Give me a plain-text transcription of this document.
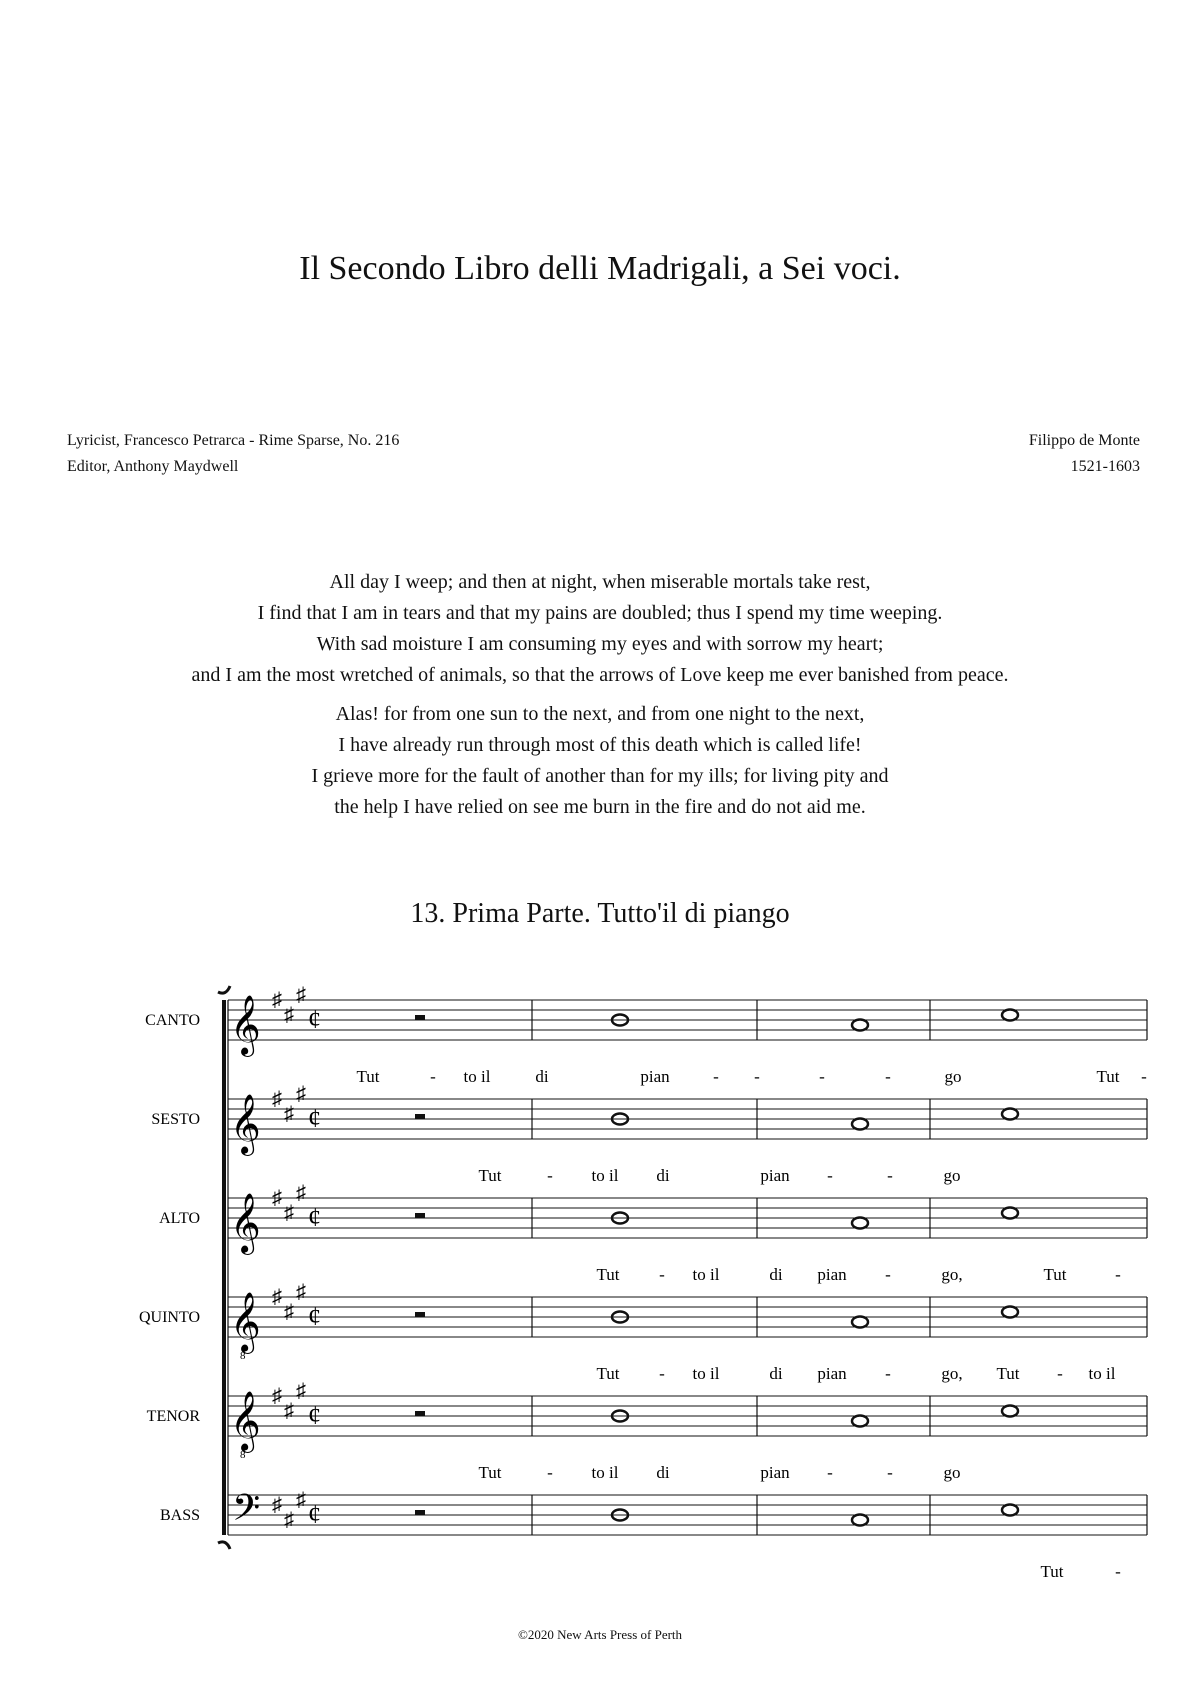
Il Secondo Libro delli Madrigali, a Sei voci.
Lyricist, Francesco Petrarca - Rime Sparse, No. 216
Editor, Anthony Maydwell
Filippo de Monte
1521-1603
All day I weep; and then at night, when miserable mortals take rest,
I find that I am in tears and that my pains are doubled; thus I spend my time weeping.
With sad moisture I am consuming my eyes and with sorrow my heart;
and I am the most wretched of animals, so that the arrows of Love keep me ever banished from peace.
Alas! for from one sun to the next, and from one night to the next,
I have already run through most of this death which is called life!
I grieve more for the fault of another than for my ills; for living pity and
the help I have relied on see me burn in the fire and do not aid me.
13. Prima Parte. Tutto'il di piango
CANTO 𝄞 ♯
♯
♯
¢
Tut	- to il	di	pian	- -	-	-	go	Tut -
SESTO 𝄞 ♯
♯
♯
¢
Tut	- to il di	pian -	-	go
ALTO 𝄞 ♯
♯
♯
¢
Tut - to il	di pian -	go,	Tut	-
QUINTO 𝄞
8
♯
♯
♯
¢
Tut - to il	di pian -	go, Tut - to il
TENOR 𝄞
8
♯
♯
♯
¢
Tut	- to il di	pian -	-	go
BASS 𝄢 ♯
♯
♯ ¢
Tut	-
©2020 New Arts Press of Perth
